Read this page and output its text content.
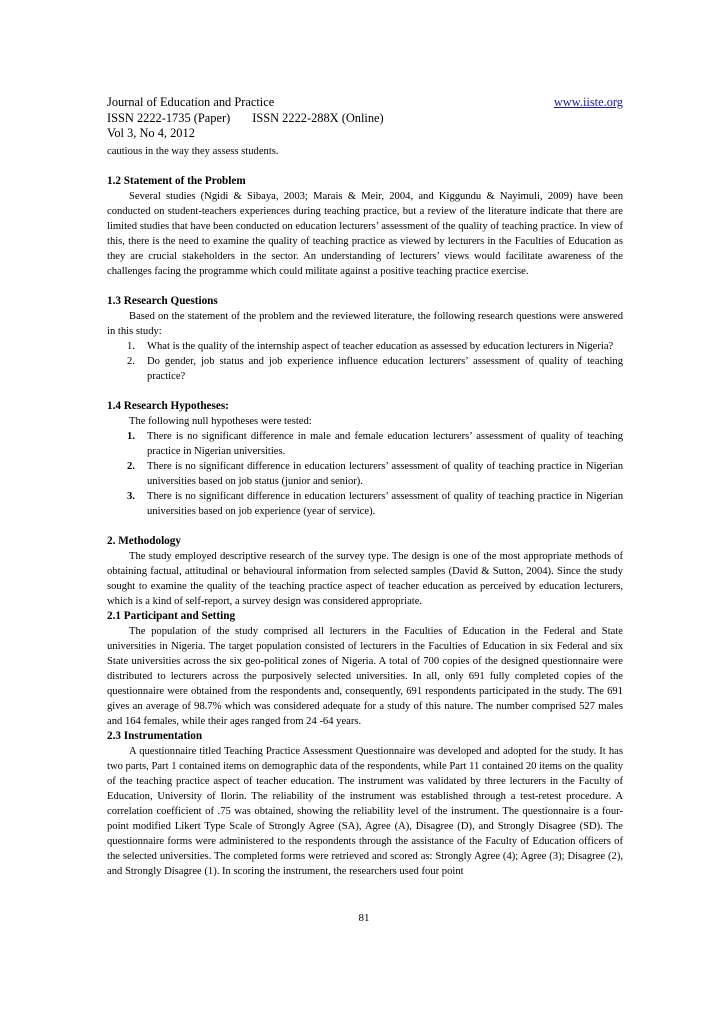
Journal of Education and Practice	www.iiste.org
ISSN 2222-1735 (Paper) ISSN 2222-288X (Online)
Vol 3, No 4, 2012

cautious in the way they assess students.

1.2 Statement of the Problem

Several studies (Ngidi & Sibaya, 2003; Marais & Meir, 2004, and Kiggundu & Nayimuli, 2009) have been conducted on student-teachers experiences during teaching practice, but a review of the literature indicate that there are limited studies that have been conducted on education lecturers’ assessment of the quality of teaching practice. In view of this, there is the need to examine the quality of teaching practice as viewed by lecturers in the Faculties of Education as they are crucial stakeholders in the sector. An understanding of lecturers’ views would facilitate awareness of the challenges facing the programme which could militate against a positive teaching practice exercise.

1.3 Research Questions

Based on the statement of the problem and the reviewed literature, the following research questions were answered in this study:

1.	What is the quality of the internship aspect of teacher education as assessed by education lecturers in Nigeria?
2.	Do gender, job status and job experience influence education lecturers’ assessment of quality of teaching practice?
1.4 Research Hypotheses:
The following null hypotheses were tested:
1.	There is no significant difference in male and female education lecturers’ assessment of quality of teaching practice in Nigerian universities.
2.	There is no significant difference in education lecturers’ assessment of quality of teaching practice in Nigerian universities based on job status (junior and senior).
3.	There is no significant difference in education lecturers’ assessment of quality of teaching practice in Nigerian universities based on job experience (year of service).
2. Methodology

The study employed descriptive research of the survey type. The design is one of the most appropriate methods of obtaining factual, attitudinal or behavioural information from selected samples (David & Sutton, 2004). Since the study sought to examine the quality of the teaching practice aspect of teacher education as perceived by education lecturers, which is a kind of self-report, a survey design was considered appropriate.

2.1 Participant and Setting

The population of the study comprised all lecturers in the Faculties of Education in the Federal and State universities in Nigeria. The target population consisted of lecturers in the Faculties of Education in six Federal and six State universities across the six geo-political zones of Nigeria. A total of 700 copies of the designed questionnaire were distributed to lecturers across the purposively selected universities. In all, only 691 fully completed copies of the questionnaire were obtained from the respondents and, consequently, 691 respondents participated in the study. The 691 gives an average of 98.7% which was considered adequate for a study of this nature. The number comprised 527 males and 164 females, while their ages ranged from 24 -64 years.

2.3 Instrumentation

A questionnaire titled Teaching Practice Assessment Questionnaire was developed and adopted for the study. It has two parts, Part 1 contained items on demographic data of the respondents, while Part 11 contained 20 items on the quality of the teaching practice aspect of teacher education. The instrument was validated by three lecturers in the Faculty of Education, University of Ilorin. The reliability of the instrument was established through a test-retest procedure. A correlation coefficient of .75 was obtained, showing the reliability level of the instrument. The questionnaire is a four-point modified Likert Type Scale of Strongly Agree (SA), Agree (A), Disagree (D), and Strongly Disagree (SD). The questionnaire forms were administered to the respondents through the assistance of the Faculty of Education officers of the selected universities. The completed forms were retrieved and scored as: Strongly Agree (4); Agree (3); Disagree (2), and Strongly Disagree (1). In scoring the instrument, the researchers used four point

81
